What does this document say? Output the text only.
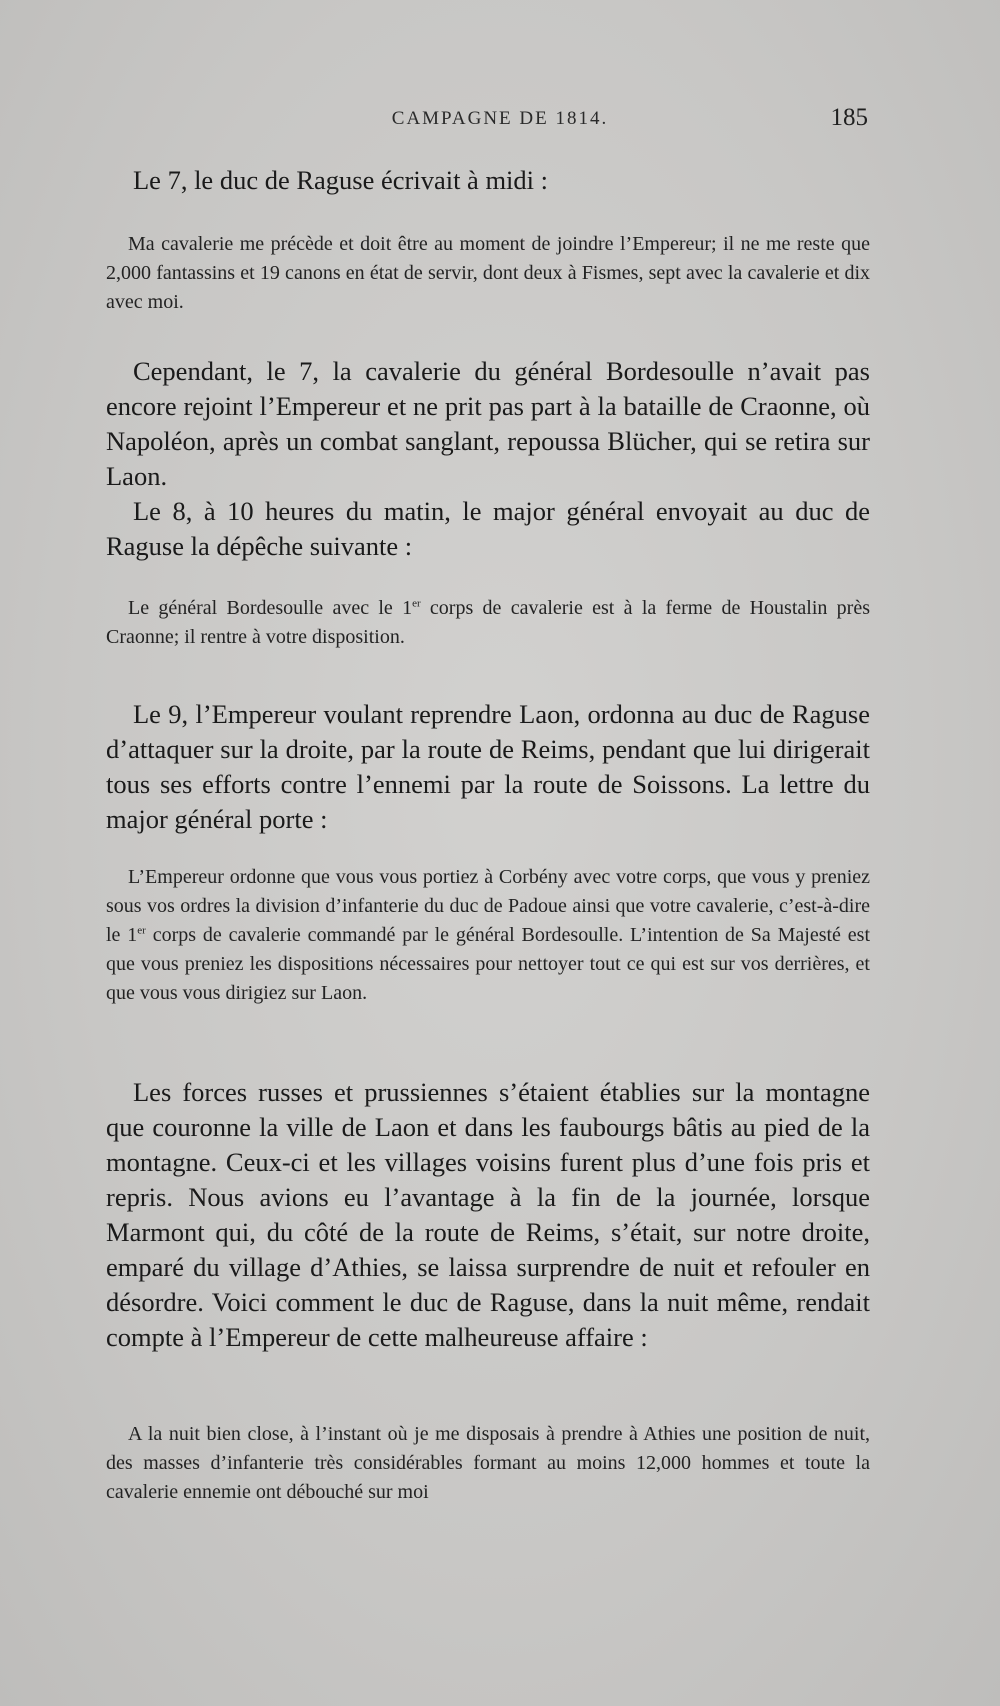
CAMPAGNE DE 1814.	185

Le 7, le duc de Raguse écrivait à midi :

Ma cavalerie me précède et doit être au moment de joindre l’Empereur; il ne me reste que 2,000 fantassins et 19 canons en état de servir, dont deux à Fismes, sept avec la cavalerie et dix avec moi.

Cependant, le 7, la cavalerie du général Bordesoulle n’avait pas encore rejoint l’Empereur et ne prit pas part à la bataille de Craonne, où Napoléon, après un combat sanglant, repoussa Blücher, qui se retira sur Laon.

Le 8, à 10 heures du matin, le major général envoyait au duc de Raguse la dépêche suivante :

Le général Bordesoulle avec le 1er corps de cavalerie est à la ferme de Houstalin près Craonne; il rentre à votre disposition.

Le 9, l’Empereur voulant reprendre Laon, ordonna au duc de Raguse d’attaquer sur la droite, par la route de Reims, pendant que lui dirigerait tous ses efforts contre l’ennemi par la route de Soissons. La lettre du major général porte :

L’Empereur ordonne que vous vous portiez à Corbény avec votre corps, que vous y preniez sous vos ordres la division d’infanterie du duc de Padoue ainsi que votre cavalerie, c’est-à-dire le 1er corps de cavalerie commandé par le général Bordesoulle. L’intention de Sa Majesté est que vous preniez les dispositions nécessaires pour nettoyer tout ce qui est sur vos derrières, et que vous vous dirigiez sur Laon.

Les forces russes et prussiennes s’étaient établies sur la montagne que couronne la ville de Laon et dans les faubourgs bâtis au pied de la montagne. Ceux-ci et les villages voisins furent plus d’une fois pris et repris. Nous avions eu l’avantage à la fin de la journée, lorsque Marmont qui, du côté de la route de Reims, s’était, sur notre droite, emparé du village d’Athies, se laissa surprendre de nuit et refouler en désordre. Voici comment le duc de Raguse, dans la nuit même, rendait compte à l’Empereur de cette malheureuse affaire :

A la nuit bien close, à l’instant où je me disposais à prendre à Athies une position de nuit, des masses d’infanterie très considérables formant au moins 12,000 hommes et toute la cavalerie ennemie ont débouché sur moi
